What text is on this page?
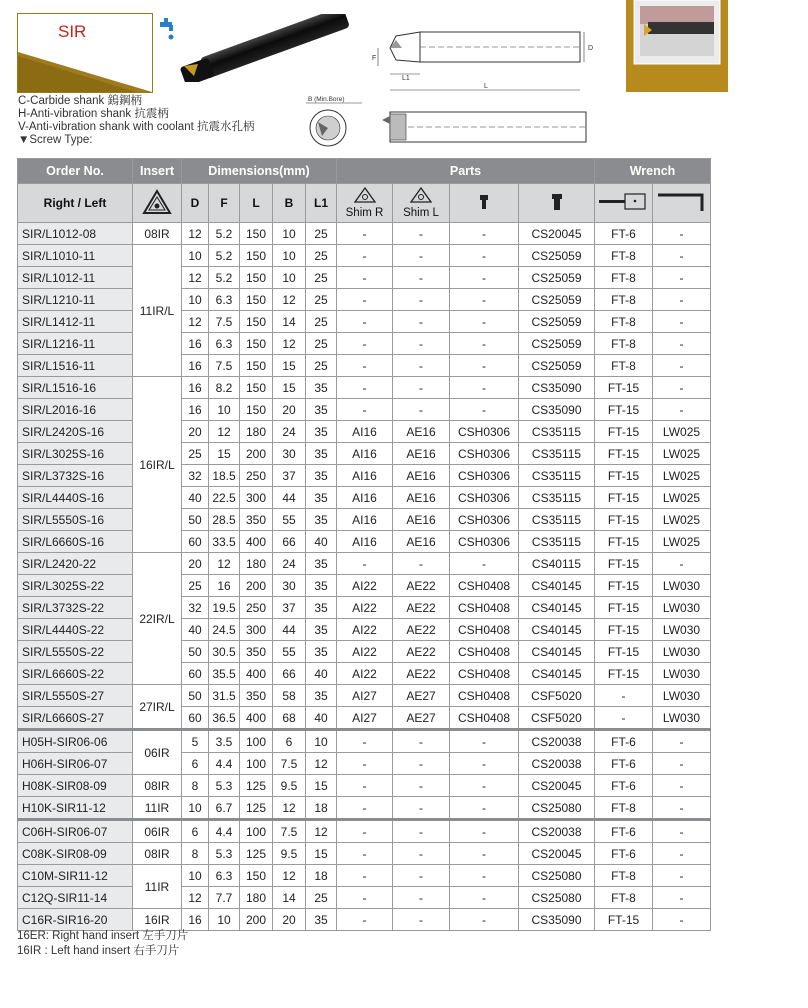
SIR
D
F
L1
L
B (Min.Bore)
C-Carbide shank 鎢鋼柄
H-Anti-vibration shank 抗震柄
V-Anti-vibration shank with coolant 抗震水孔柄
▼Screw Type:
Order No.	Insert	Dimensions(mm)					Parts				Wrench	
Right / Left		D	F	L	B	L1	Shim R	Shim L

SIR/L1012-08	08IR	12	5.2	150	10	25	-	-	-	CS20045	FT-6	-
SIR/L1010-11	11IR/L	10	5.2	150	10	25	-	-	-	CS25059	FT-8	-
SIR/L1012-11		12	5.2	150	10	25	-	-	-	CS25059	FT-8	-
SIR/L1210-11		10	6.3	150	12	25	-	-	-	CS25059	FT-8	-
SIR/L1412-11		12	7.5	150	14	25	-	-	-	CS25059	FT-8	-
SIR/L1216-11		16	6.3	150	12	25	-	-	-	CS25059	FT-8	-
SIR/L1516-11		16	7.5	150	15	25	-	-	-	CS25059	FT-8	-
SIR/L1516-16	16IR/L	16	8.2	150	15	35	-	-	-	CS35090	FT-15	-
SIR/L2016-16		16	10	150	20	35	-	-	-	CS35090	FT-15	-
SIR/L2420S-16		20	12	180	24	35	AI16	AE16	CSH0306	CS35115	FT-15	LW025
SIR/L3025S-16		25	15	200	30	35	AI16	AE16	CSH0306	CS35115	FT-15	LW025
SIR/L3732S-16		32	18.5	250	37	35	AI16	AE16	CSH0306	CS35115	FT-15	LW025
SIR/L4440S-16		40	22.5	300	44	35	AI16	AE16	CSH0306	CS35115	FT-15	LW025
SIR/L5550S-16		50	28.5	350	55	35	AI16	AE16	CSH0306	CS35115	FT-15	LW025
SIR/L6660S-16		60	33.5	400	66	40	AI16	AE16	CSH0306	CS35115	FT-15	LW025
SIR/L2420-22	22IR/L	20	12	180	24	35	-	-	-	CS40115	FT-15	-
SIR/L3025S-22		25	16	200	30	35	AI22	AE22	CSH0408	CS40145	FT-15	LW030
SIR/L3732S-22		32	19.5	250	37	35	AI22	AE22	CSH0408	CS40145	FT-15	LW030
SIR/L4440S-22		40	24.5	300	44	35	AI22	AE22	CSH0408	CS40145	FT-15	LW030
SIR/L5550S-22		50	30.5	350	55	35	AI22	AE22	CSH0408	CS40145	FT-15	LW030
SIR/L6660S-22		60	35.5	400	66	40	AI22	AE22	CSH0408	CS40145	FT-15	LW030
SIR/L5550S-27	27IR/L	50	31.5	350	58	35	AI27	AE27	CSH0408	CSF5020	-	LW030
SIR/L6660S-27		60	36.5	400	68	40	AI27	AE27	CSH0408	CSF5020	-	LW030
H05H-SIR06-06	06IR	5	3.5	100	6	10	-	-	-	CS20038	FT-6	-
H06H-SIR06-07		6	4.4	100	7.5	12	-	-	-	CS20038	FT-6	-
H08K-SIR08-09	08IR	8	5.3	125	9.5	15	-	-	-	CS20045	FT-6	-
H10K-SIR11-12	11IR	10	6.7	125	12	18	-	-	-	CS25080	FT-8	-
C06H-SIR06-07	06IR	6	4.4	100	7.5	12	-	-	-	CS20038	FT-6	-
C08K-SIR08-09	08IR	8	5.3	125	9.5	15	-	-	-	CS20045	FT-6	-
C10M-SIR11-12	11IR	10	6.3	150	12	18	-	-	-	CS25080	FT-8	-
C12Q-SIR11-14		12	7.7	180	14	25	-	-	-	CS25080	FT-8	-
C16R-SIR16-20	16IR	16	10	200	20	35	-	-	-	CS35090	FT-15	-
16ER: Right hand insert 左手刀片
16IR : Left hand insert 右手刀片
